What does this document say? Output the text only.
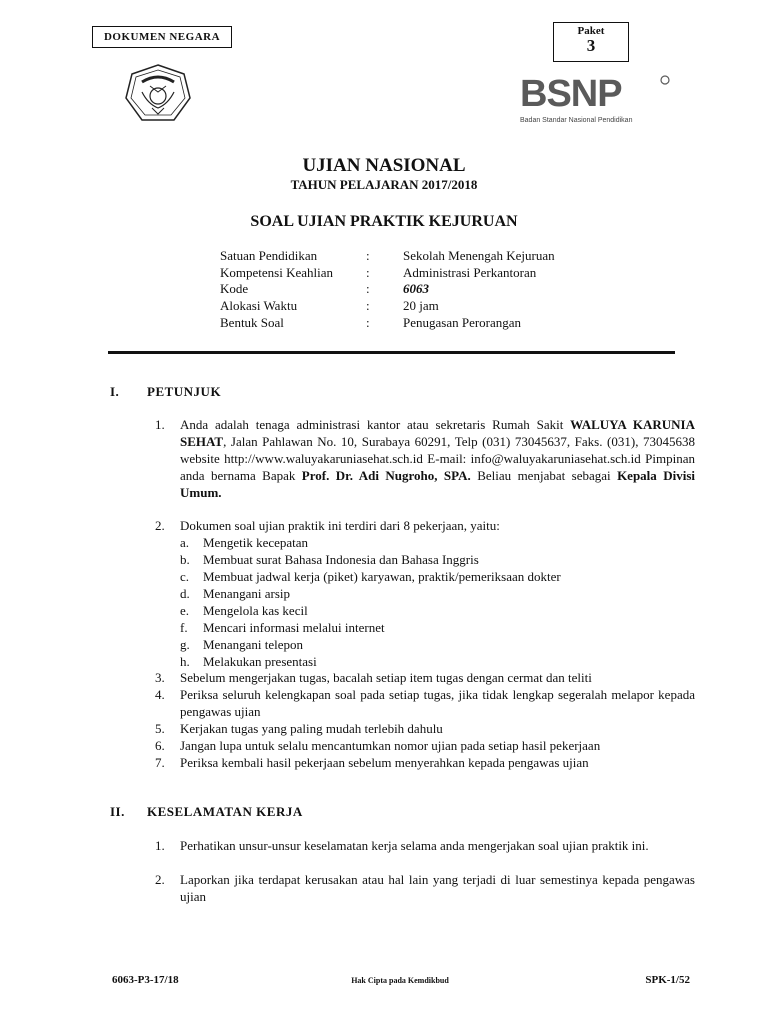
DOKUMEN NEGARA	Paket
3
BSNP
Badan Standar Nasional Pendidikan
UJIAN NASIONAL
TAHUN PELAJARAN 2017/2018
SOAL UJIAN PRAKTIK KEJURUAN
Satuan Pendidikan	:	Sekolah Menengah Kejuruan
Kompetensi Keahlian	:	Administrasi Perkantoran
Kode	:	6063
Alokasi Waktu	:	20 jam
Bentuk Soal	:	Penugasan Perorangan
I. PETUNJUK
1.	Anda adalah tenaga administrasi kantor atau sekretaris Rumah Sakit WALUYA KARUNIA SEHAT, Jalan Pahlawan No. 10, Surabaya 60291, Telp (031) 73045637, Faks. (031), 73045638 website http://www.waluyakaruniasehat.sch.id E-mail: info@waluyakaruniasehat.sch.id Pimpinan anda bernama Bapak Prof. Dr. Adi Nugroho, SPA. Beliau menjabat sebagai Kepala Divisi Umum.
2.	Dokumen soal ujian praktik ini terdiri dari 8 pekerjaan, yaitu:
a. Mengetik kecepatan
b. Membuat surat Bahasa Indonesia dan Bahasa Inggris
c. Membuat jadwal kerja (piket) karyawan, praktik/pemeriksaan dokter
d. Menangani arsip
e. Mengelola kas kecil
f. Mencari informasi melalui internet
g. Menangani telepon
h. Melakukan presentasi
3.	Sebelum mengerjakan tugas, bacalah setiap item tugas dengan cermat dan teliti
4.	Periksa seluruh kelengkapan soal pada setiap tugas, jika tidak lengkap segeralah melapor kepada pengawas ujian
5.	Kerjakan tugas yang paling mudah terlebih dahulu
6.	Jangan lupa untuk selalu mencantumkan nomor ujian pada setiap hasil pekerjaan
7.	Periksa kembali hasil pekerjaan sebelum menyerahkan kepada pengawas ujian
II. KESELAMATAN KERJA
1.	Perhatikan unsur-unsur keselamatan kerja selama anda mengerjakan soal ujian praktik ini.
2.	Laporkan jika terdapat kerusakan atau hal lain yang terjadi di luar semestinya kepada pengawas ujian
6063-P3-17/18	Hak Cipta pada Kemdikbud	SPK-1/52
